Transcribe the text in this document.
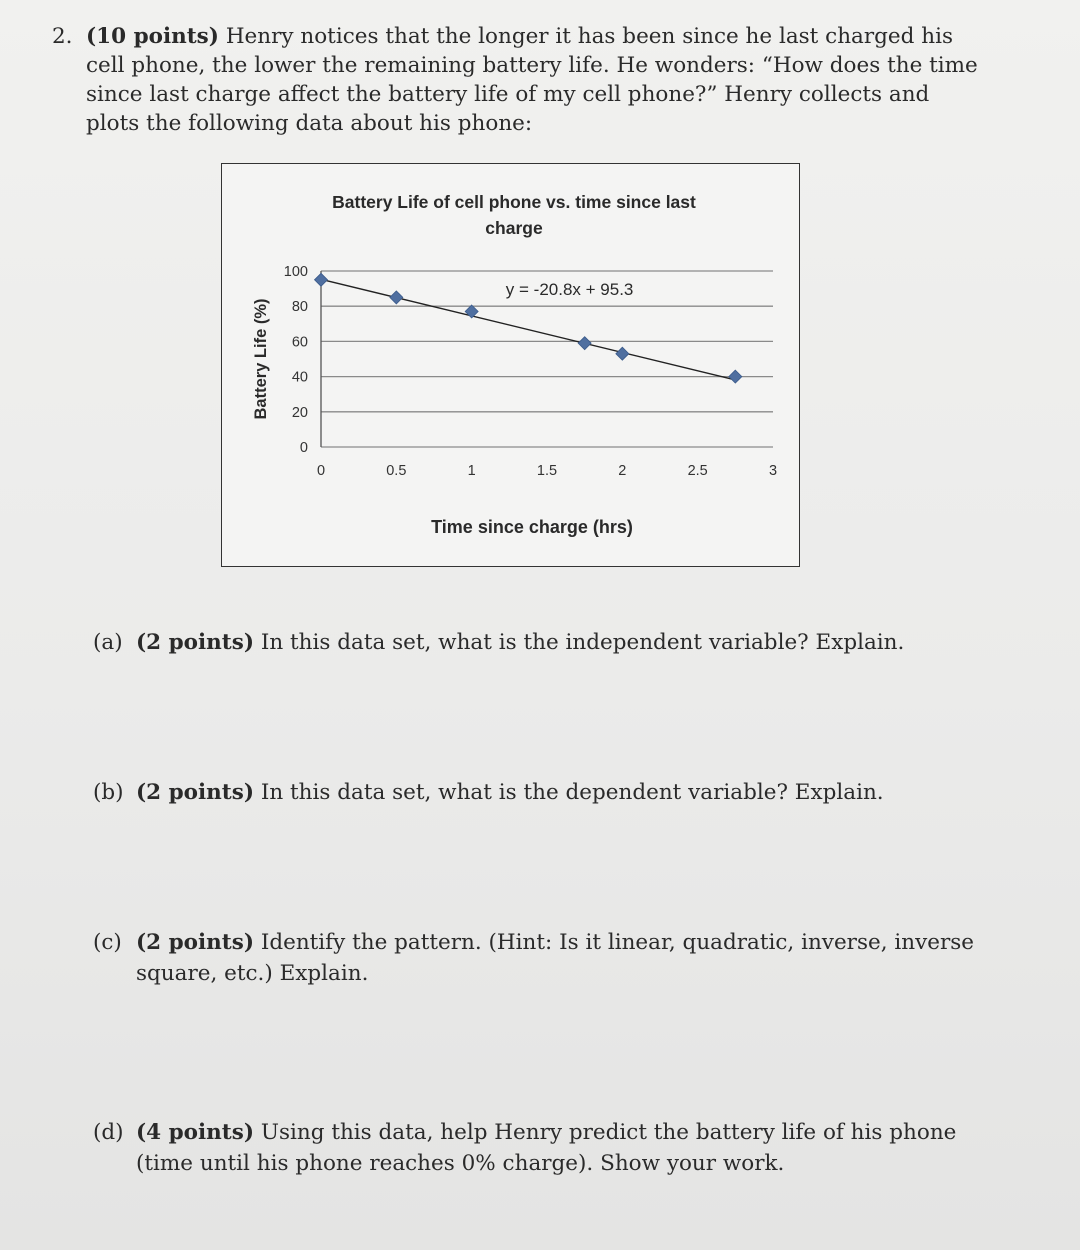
2. (10 points) Henry notices that the longer it has been since he last charged his cell phone, the lower the remaining battery life. He wonders: “How does the time since last charge affect the battery life of my cell phone?” Henry collects and plots the following data about his phone:
0
20
40
60
80
100
0	0.5	1	1.5	2	2.5	3
Battery Life of cell phone vs. time since last
charge
Time since charge (hrs)
Battery Life (%)
y = -20.8x + 95.3
(a) (2 points) In this data set, what is the independent variable? Explain.
(b) (2 points) In this data set, what is the dependent variable? Explain.
(c) (2 points) Identify the pattern. (Hint: Is it linear, quadratic, inverse, inverse square, etc.) Explain.
(d) (4 points) Using this data, help Henry predict the battery life of his phone (time until his phone reaches 0% charge). Show your work.
